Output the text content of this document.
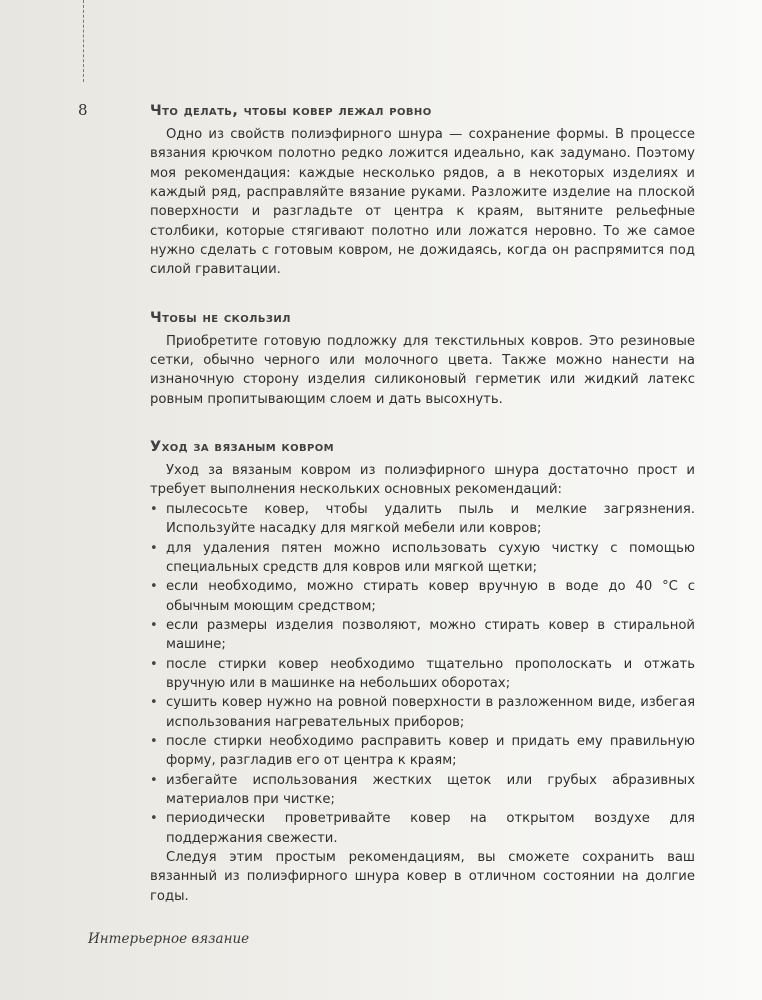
8	Что делать, чтобы ковер лежал ровно

Одно из свойств полиэфирного шнура — сохранение формы. В процессе вязания крючком полотно редко ложится идеально, как задумано. Поэтому моя рекомендация: каждые несколько рядов, а в некоторых изделиях и каждый ряд, расправляйте вязание руками. Разложите изделие на плоской поверхности и разгладьте от центра к краям, вытяните рельефные столбики, которые стягивают полотно или ложатся неровно. То же самое нужно сделать с готовым ковром, не дожидаясь, когда он распрямится под силой гравитации.

Чтобы не скользил

Приобретите готовую подложку для текстильных ковров. Это резиновые сетки, обычно черного или молочного цвета. Также можно нанести на изнаночную сторону изделия силиконовый герметик или жидкий латекс ровным пропитывающим слоем и дать высохнуть.

Уход за вязаным ковром

Уход за вязаным ковром из полиэфирного шнура достаточно прост и требует выполнения нескольких основных рекомендаций:

• пылесосьте ковер, чтобы удалить пыль и мелкие загрязнения. Используйте насадку для мягкой мебели или ковров;
• для удаления пятен можно использовать сухую чистку с помощью специальных средств для ковров или мягкой щетки;
• если необходимо, можно стирать ковер вручную в воде до 40 °С с обычным моющим средством;
• если размеры изделия позволяют, можно стирать ковер в стиральной машине;
• после стирки ковер необходимо тщательно прополоскать и отжать вручную или в машинке на небольших оборотах;
• сушить ковер нужно на ровной поверхности в разложенном виде, избегая использования нагревательных приборов;
• после стирки необходимо расправить ковер и придать ему правильную форму, разгладив его от центра к краям;
• избегайте использования жестких щеток или грубых абразивных материалов при чистке;
• периодически проветривайте ковер на открытом воздухе для поддержания свежести.

Следуя этим простым рекомендациям, вы сможете сохранить ваш вязанный из полиэфирного шнура ковер в отличном состоянии на долгие годы.

Интерьерное вязание
